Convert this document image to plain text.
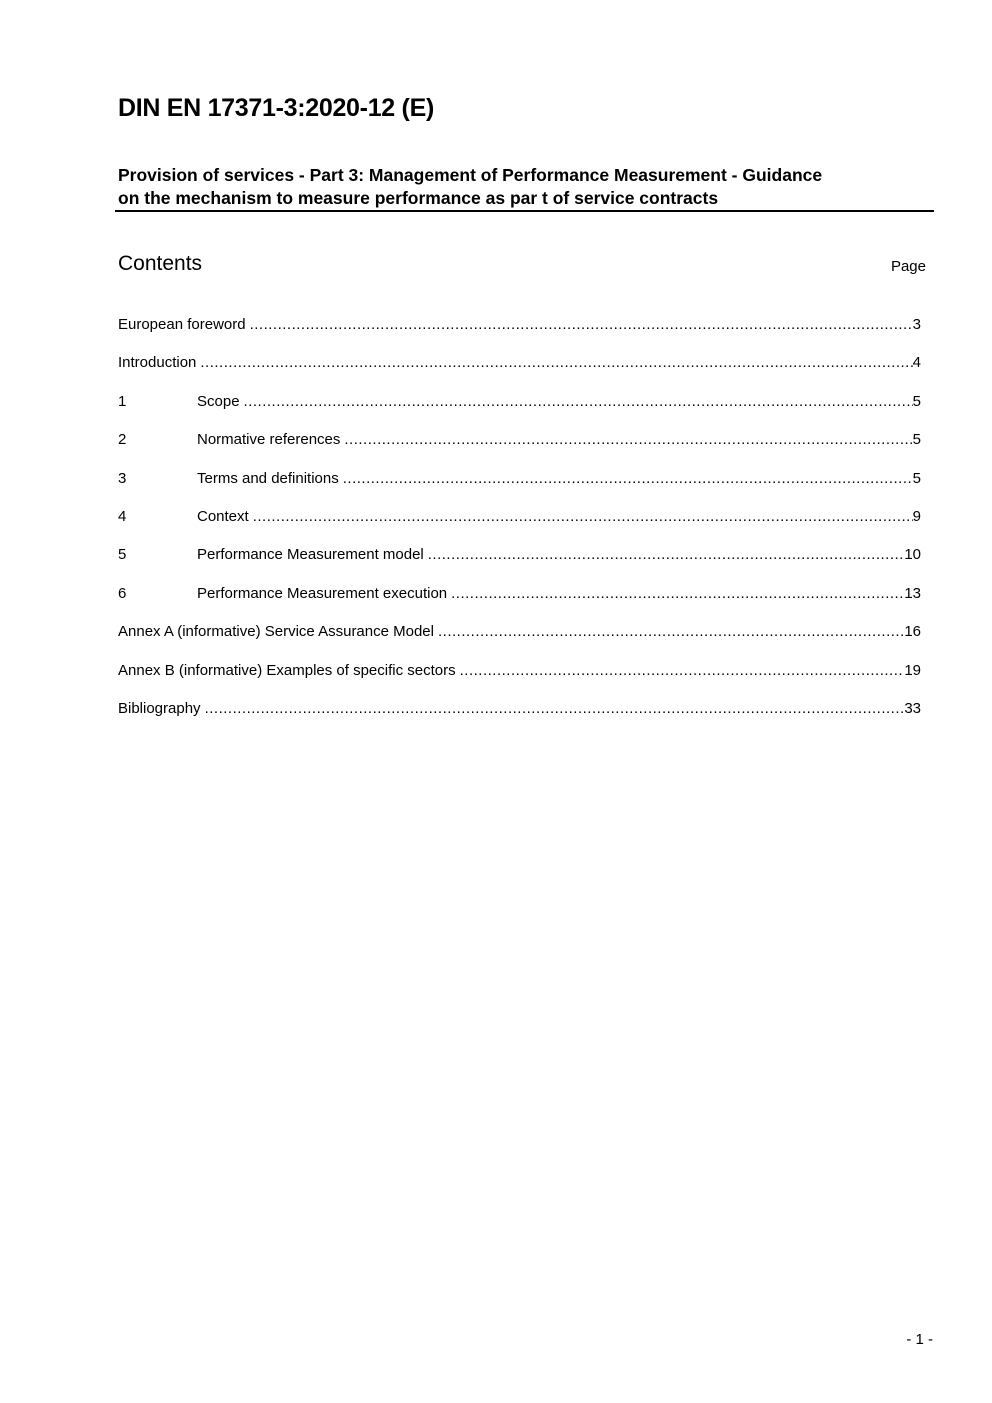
DIN EN 17371-3:2020-12 (E)
Provision of services - Part 3: Management of Performance Measurement - Guidance
on the mechanism to measure performance as par t of service contracts
Contents	Page
European foreword .....	3
Introduction .....	4
1	Scope .....	5
2	Normative references .....	5
3	Terms and definitions .....	5
4	Context .....	9
5	Performance Measurement model .....	10
6	Performance Measurement execution .....	13
Annex A (informative) Service Assurance Model .....	16
Annex B (informative) Examples of specific sectors .....	19
Bibliography .....	33
- 1 -
